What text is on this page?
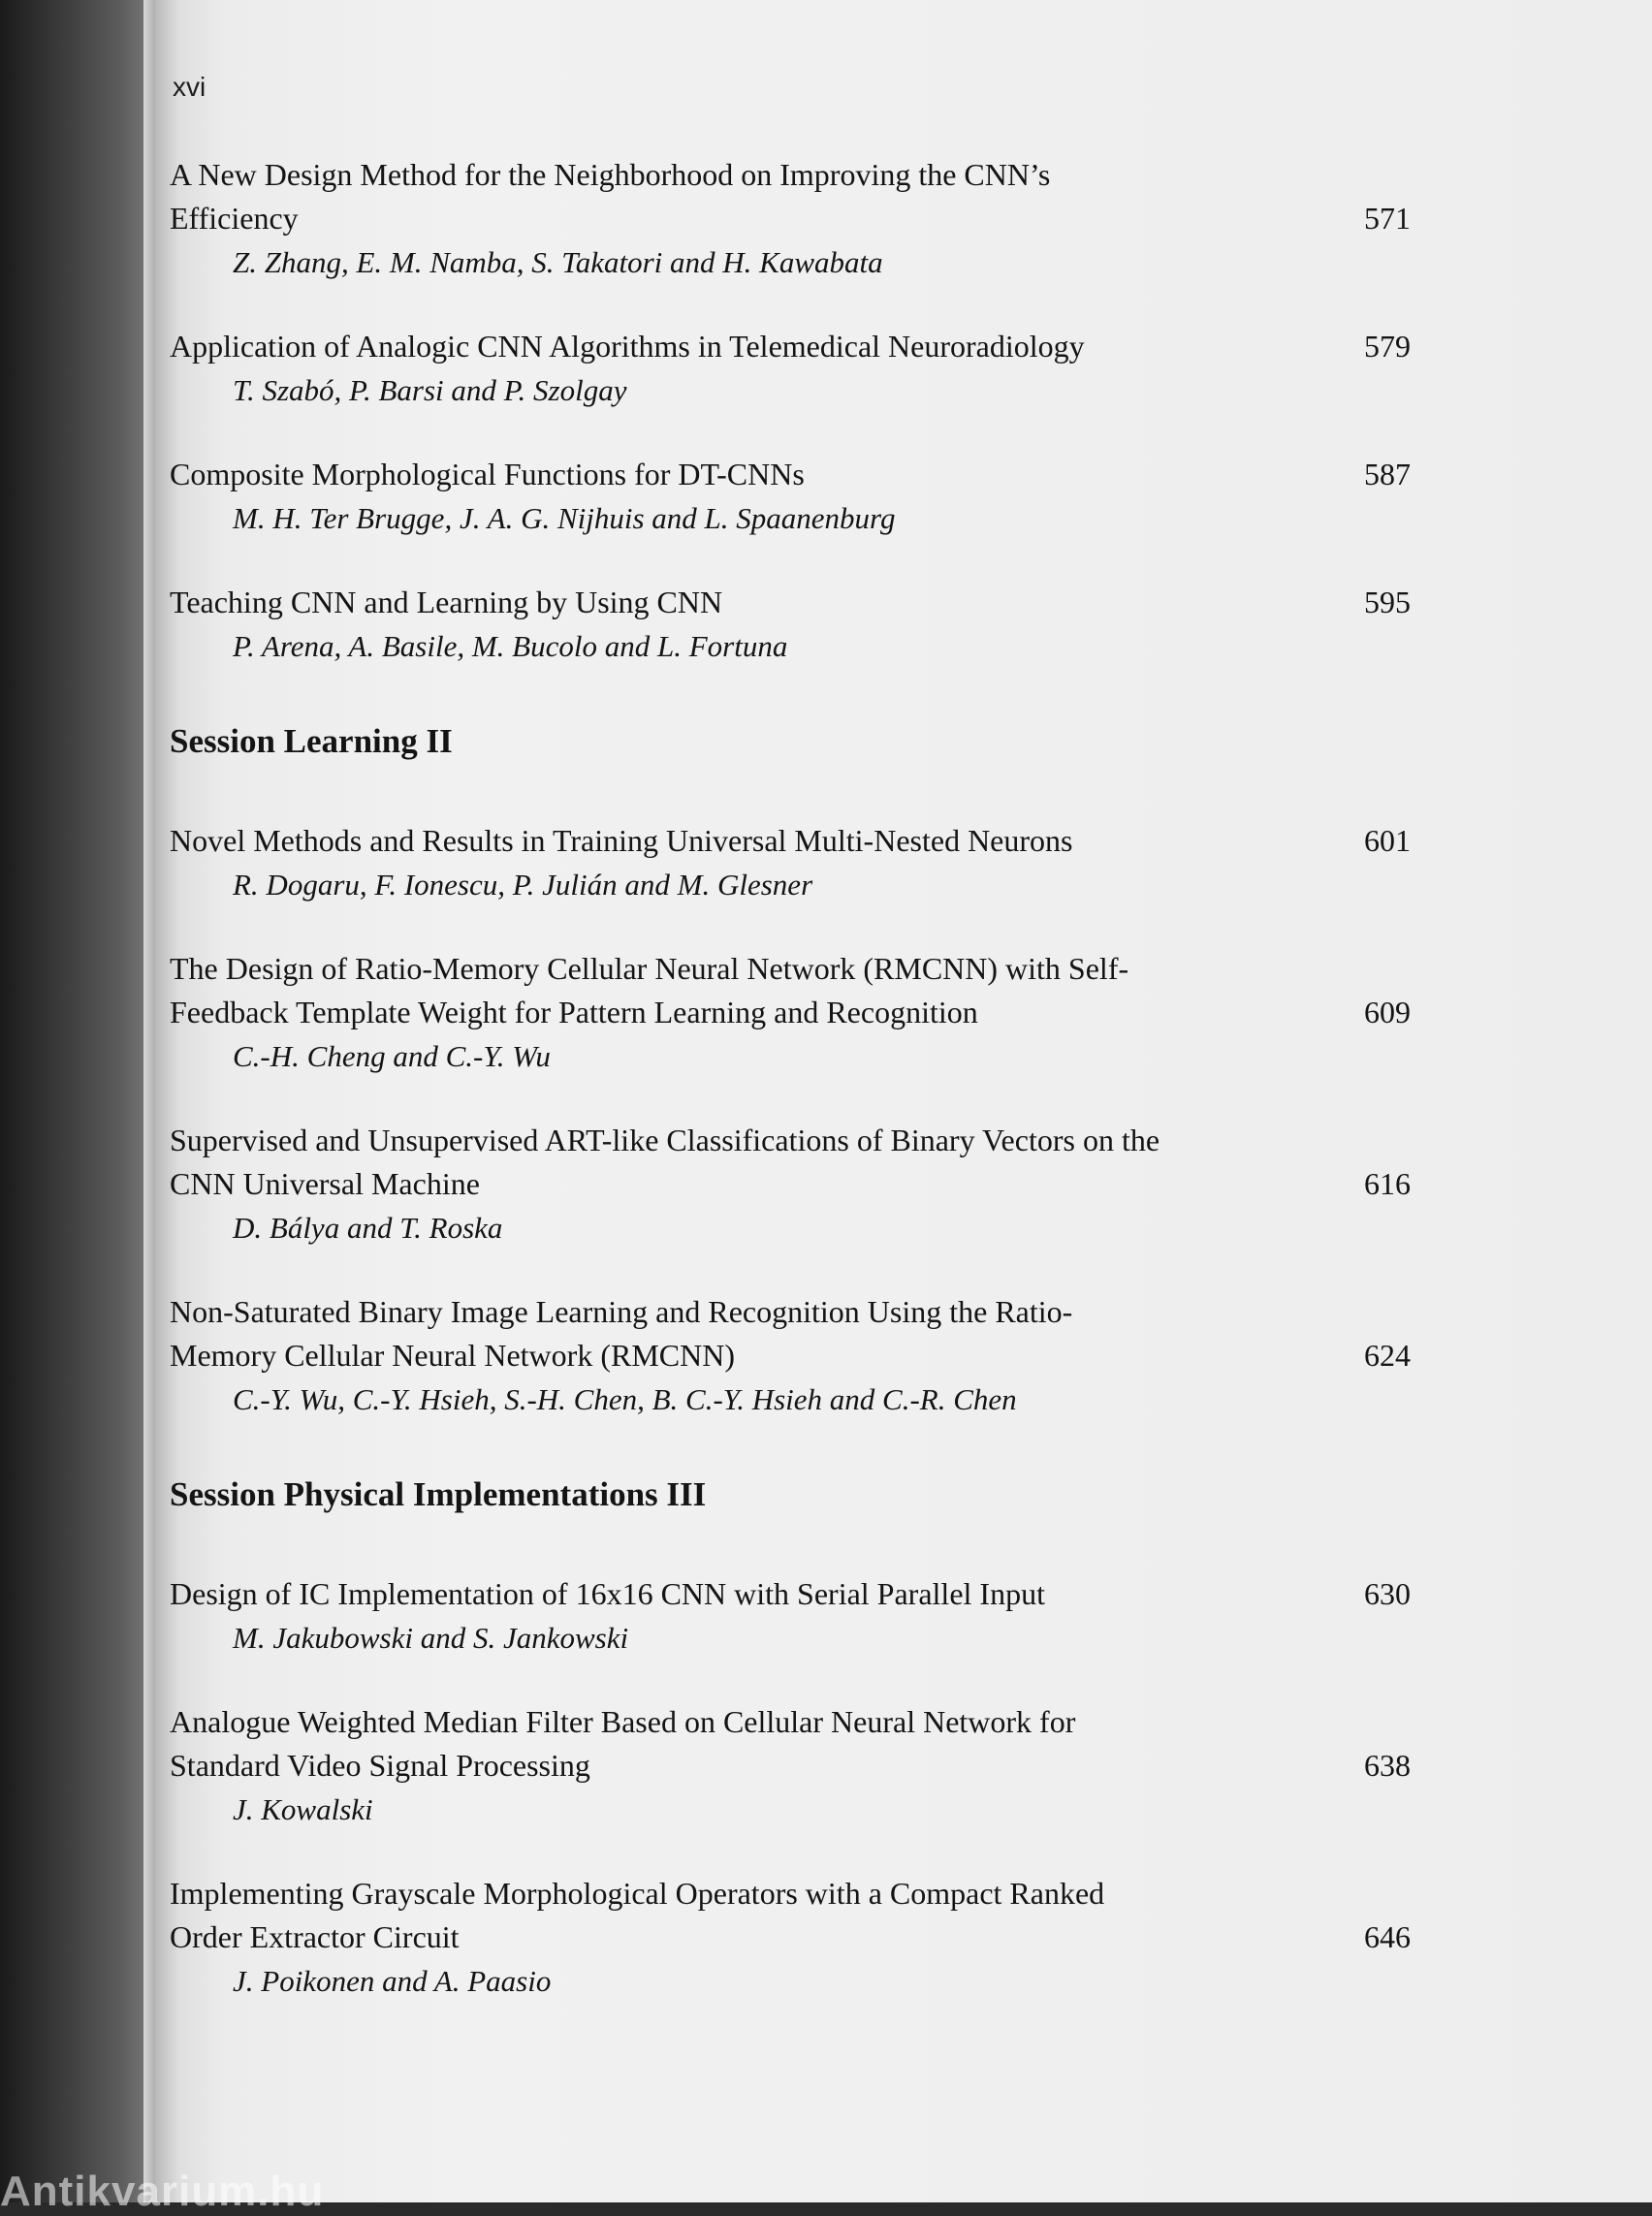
xvi
A New Design Method for the Neighborhood on Improving the CNN’s Efficiency	571
Z. Zhang, E. M. Namba, S. Takatori and H. Kawabata
Application of Analogic CNN Algorithms in Telemedical Neuroradiology	579
T. Szabó, P. Barsi and P. Szolgay
Composite Morphological Functions for DT-CNNs	587
M. H. Ter Brugge, J. A. G. Nijhuis and L. Spaanenburg
Teaching CNN and Learning by Using CNN	595
P. Arena, A. Basile, M. Bucolo and L. Fortuna
Session Learning II
Novel Methods and Results in Training Universal Multi-Nested Neurons	601
R. Dogaru, F. Ionescu, P. Julián and M. Glesner
The Design of Ratio-Memory Cellular Neural Network (RMCNN) with Self-Feedback Template Weight for Pattern Learning and Recognition	609
C.-H. Cheng and C.-Y. Wu
Supervised and Unsupervised ART-like Classifications of Binary Vectors on the CNN Universal Machine	616
D. Bálya and T. Roska
Non-Saturated Binary Image Learning and Recognition Using the Ratio-Memory Cellular Neural Network (RMCNN)	624
C.-Y. Wu, C.-Y. Hsieh, S.-H. Chen, B. C.-Y. Hsieh and C.-R. Chen
Session Physical Implementations III
Design of IC Implementation of 16x16 CNN with Serial Parallel Input	630
M. Jakubowski and S. Jankowski
Analogue Weighted Median Filter Based on Cellular Neural Network for Standard Video Signal Processing	638
J. Kowalski
Implementing Grayscale Morphological Operators with a Compact Ranked Order Extractor Circuit	646
J. Poikonen and A. Paasio
Antikvarium.hu
